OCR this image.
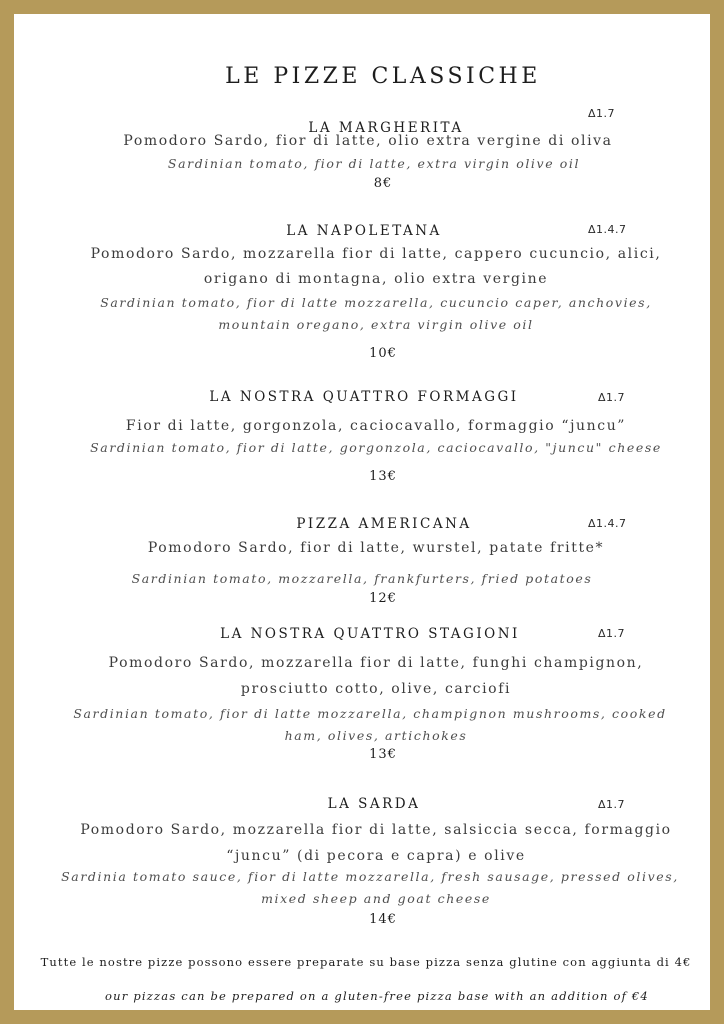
LE PIZZE CLASSICHE
LA MARGHERITA
Δ1.7
Pomodoro Sardo, fior di latte, olio extra vergine di oliva
Sardinian tomato, fior di latte, extra virgin olive oil
8€
LA NAPOLETANA	Δ1.4.7
Pomodoro Sardo, mozzarella fior di latte, cappero cucuncio, alici,
origano di montagna, olio extra vergine
Sardinian tomato, fior di latte mozzarella, cucuncio caper, anchovies,
mountain oregano, extra virgin olive oil
10€
LA NOSTRA QUATTRO FORMAGGI	Δ1.7
Fior di latte, gorgonzola, caciocavallo, formaggio “juncu”
Sardinian tomato, fior di latte, gorgonzola, caciocavallo, "juncu" cheese
13€
PIZZA AMERICANA	Δ1.4.7
Pomodoro Sardo, fior di latte, wurstel, patate fritte*
Sardinian tomato, mozzarella, frankfurters, fried potatoes
12€
LA NOSTRA QUATTRO STAGIONI	Δ1.7
Pomodoro Sardo, mozzarella fior di latte, funghi champignon,
prosciutto cotto, olive, carciofi
Sardinian tomato, fior di latte mozzarella, champignon mushrooms, cooked
ham, olives, artichokes
13€
LA SARDA	Δ1.7
Pomodoro Sardo, mozzarella fior di latte, salsiccia secca, formaggio
“juncu” (di pecora e capra) e olive
Sardinia tomato sauce, fior di latte mozzarella, fresh sausage, pressed olives,
mixed sheep and goat cheese
14€
Tutte le nostre pizze possono essere preparate su base pizza senza glutine con aggiunta di 4€
our pizzas can be prepared on a gluten-free pizza base with an addition of €4
